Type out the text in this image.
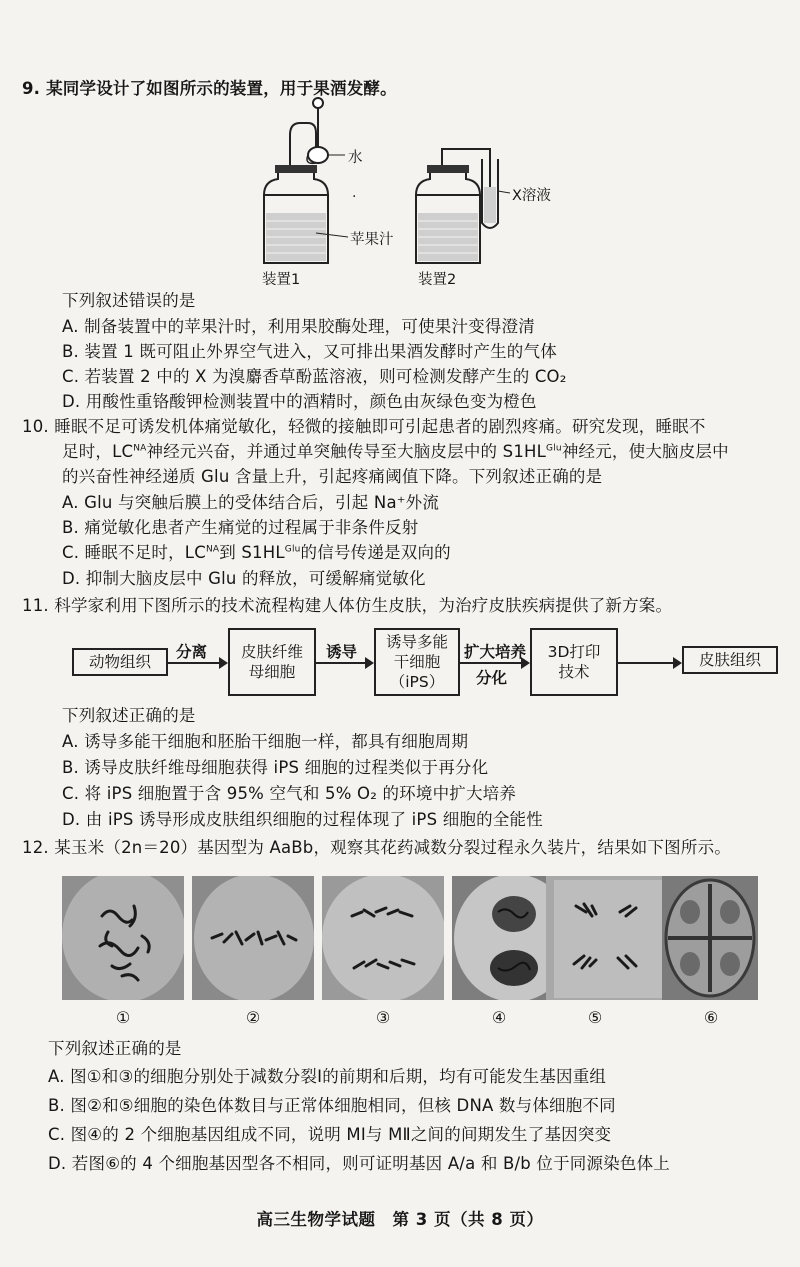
9. 某同学设计了如图所示的装置，用于果酒发酵。
·
水
苹果汁
X溶液
装置1	装置2
下列叙述错误的是
A. 制备装置中的苹果汁时，利用果胶酶处理，可使果汁变得澄清
B. 装置 1 既可阻止外界空气进入，又可排出果酒发酵时产生的气体
C. 若装置 2 中的 X 为溴麝香草酚蓝溶液，则可检测发酵产生的 CO₂
D. 用酸性重铬酸钾检测装置中的酒精时，颜色由灰绿色变为橙色
10. 睡眠不足可诱发机体痛觉敏化，轻微的接触即可引起患者的剧烈疼痛。研究发现，睡眠不
足时，$LC^{NA}$神经元兴奋，并通过单突触传导至大脑皮层中的 $S1HL^{Glu}$神经元，使大脑皮层中
的兴奋性神经递质 Glu 含量上升，引起疼痛阈值下降。下列叙述正确的是
A. Glu 与突触后膜上的受体结合后，引起 Na⁺外流
B. 痛觉敏化患者产生痛觉的过程属于非条件反射
C. 睡眠不足时，$LC^{NA}$到 $S1HL^{Glu}$的信号传递是双向的
D. 抑制大脑皮层中 Glu 的释放，可缓解痛觉敏化
11. 科学家利用下图所示的技术流程构建人体仿生皮肤，为治疗皮肤疾病提供了新方案。
动物组织
分离 皮肤纤维
母细胞
诱导
诱导多能
干细胞
（iPS）
扩大培养
分化
3D打印
技术
皮肤组织
下列叙述正确的是
A. 诱导多能干细胞和胚胎干细胞一样，都具有细胞周期
B. 诱导皮肤纤维母细胞获得 iPS 细胞的过程类似于再分化
C. 将 iPS 细胞置于含 95% 空气和 5% O₂ 的环境中扩大培养
D. 由 iPS 诱导形成皮肤组织细胞的过程体现了 iPS 细胞的全能性
12. 某玉米（2n＝20）基因型为 AaBb，观察其花药减数分裂过程永久装片，结果如下图所示。
①	②	③	④	⑤	⑥
下列叙述正确的是
A. 图①和③的细胞分别处于减数分裂Ⅰ的前期和后期，均有可能发生基因重组
B. 图②和⑤细胞的染色体数目与正常体细胞相同，但核 DNA 数与体细胞不同
C. 图④的 2 个细胞基因组成不同，说明 MⅠ与 MⅡ之间的间期发生了基因突变
D. 若图⑥的 4 个细胞基因型各不相同，则可证明基因 A/a 和 B/b 位于同源染色体上
高三生物学试题　第 3 页（共 8 页）
